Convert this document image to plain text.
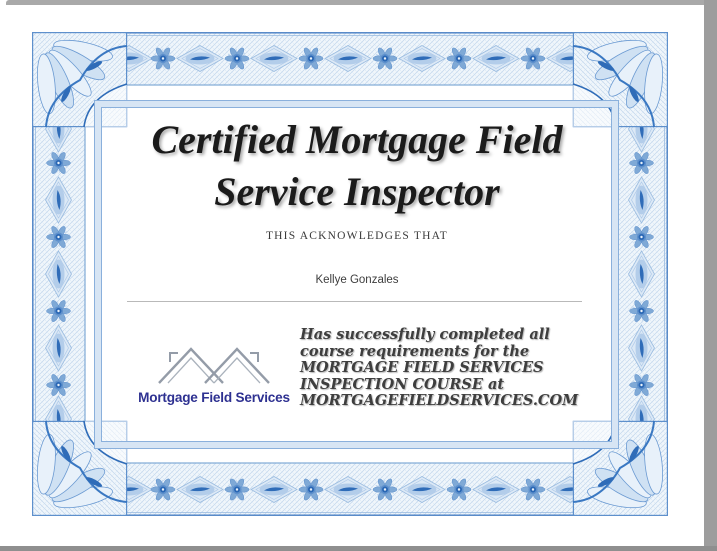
Certified Mortgage Field
Service Inspector
THIS ACKNOWLEDGES THAT
Kellye Gonzales
Mortgage Field Services
Has successfully completed all
course requirements for the
MORTGAGE FIELD SERVICES
INSPECTION COURSE at
MORTGAGEFIELDSERVICES.COM
